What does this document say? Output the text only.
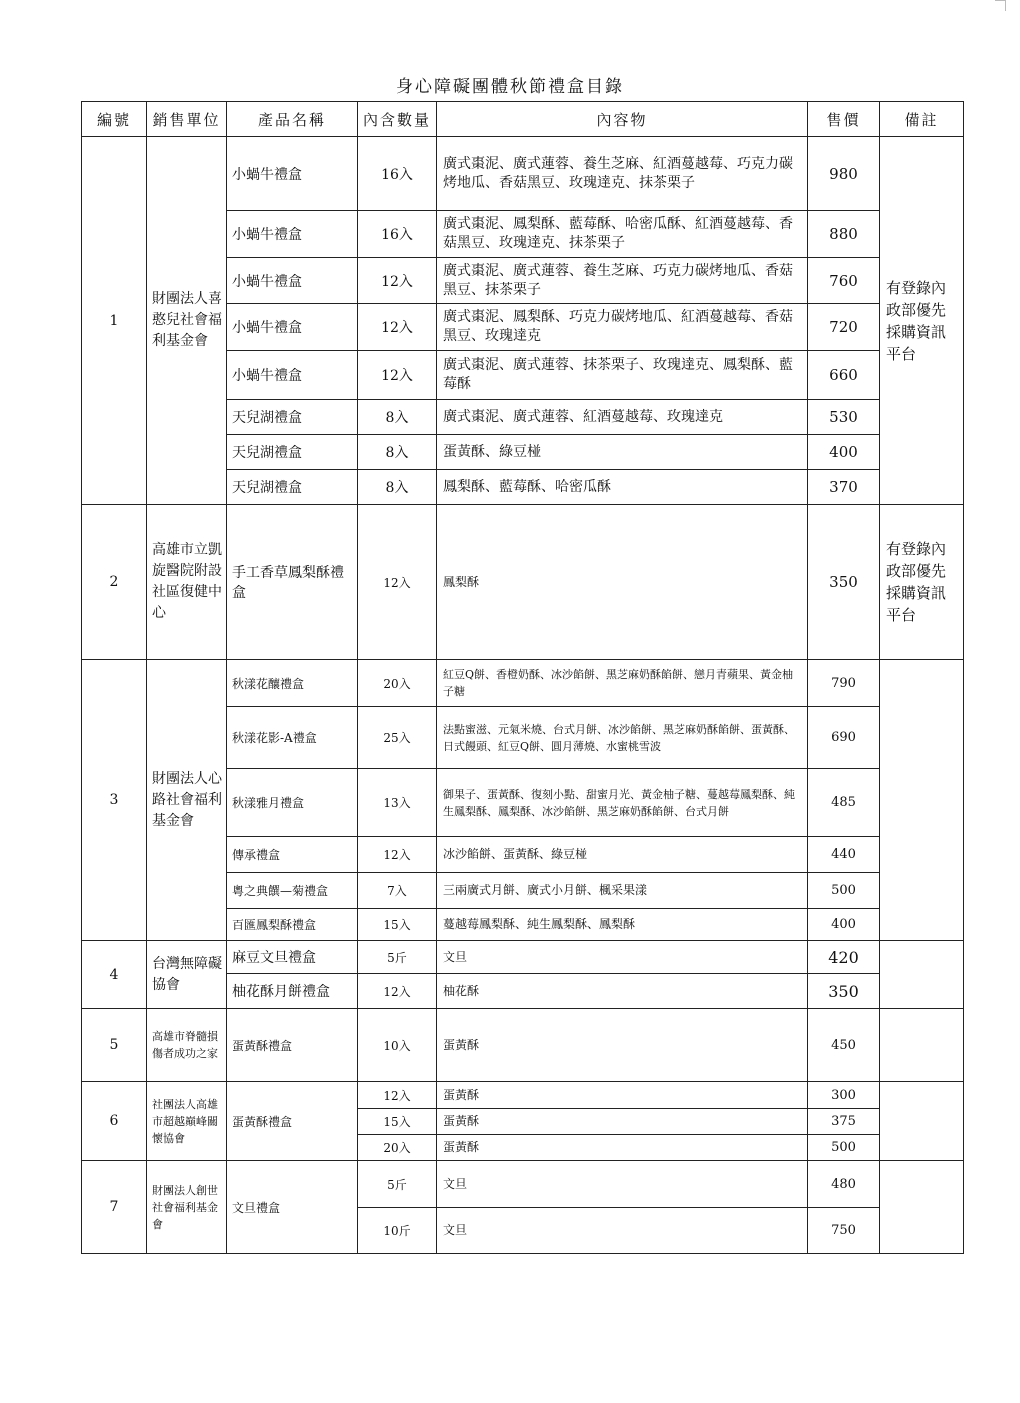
身心障礙團體秋節禮盒目錄
編號	銷售單位	產品名稱	內含數量	內容物	售價	備註
1	財團法人喜憨兒社會福利基金會	小蝸牛禮盒	16入	廣式棗泥、廣式蓮蓉、養生芝麻、紅酒蔓越莓、巧克力碳烤地瓜、香菇黑豆、玫瑰達克、抹茶栗子	980	有登錄內政部優先採購資訊平台
		小蝸牛禮盒	16入	廣式棗泥、鳳梨酥、藍莓酥、哈密瓜酥、紅酒蔓越莓、香菇黑豆、玫瑰達克、抹茶栗子	880	
		小蝸牛禮盒	12入	廣式棗泥、廣式蓮蓉、養生芝麻、巧克力碳烤地瓜、香菇黑豆、抹茶栗子	760	
		小蝸牛禮盒	12入	廣式棗泥、鳳梨酥、巧克力碳烤地瓜、紅酒蔓越莓、香菇黑豆、玫瑰達克	720	
		小蝸牛禮盒	12入	廣式棗泥、廣式蓮蓉、抹茶栗子、玫瑰達克、鳳梨酥、藍莓酥	660	
		天兒湖禮盒	8入	廣式棗泥、廣式蓮蓉、紅酒蔓越莓、玫瑰達克	530	
		天兒湖禮盒	8入	蛋黃酥、綠豆椪	400	
		天兒湖禮盒	8入	鳳梨酥、藍莓酥、哈密瓜酥	370	
2	高雄市立凱旋醫院附設社區復健中心	手工香草鳳梨酥禮盒	12入	鳳梨酥	350	有登錄內政部優先採購資訊平台
3	財團法人心路社會福利基金會	秋漾花釀禮盒	20入	紅豆Q餅、香橙奶酥、冰沙餡餅、黑芝麻奶酥餡餅、戀月青蘋果、黃金柚子糖	790	
		秋漾花影-A禮盒	25入	法點蜜滋、元氣米燒、台式月餅、冰沙餡餅、黑芝麻奶酥餡餅、蛋黃酥、日式饅頭、紅豆Q餅、圓月薄燒、水蜜桃雪波	690	
		秋漾雅月禮盒	13入	御果子、蛋黃酥、復刻小點、甜蜜月光、黃金柚子糖、蔓越莓鳳梨酥、純生鳳梨酥、鳳梨酥、冰沙餡餅、黑芝麻奶酥餡餅、台式月餅	485	
		傳承禮盒	12入	冰沙餡餅、蛋黃酥、綠豆椪	440	
		粵之典饌—菊禮盒	7入	三兩廣式月餅、廣式小月餅、楓采果漾	500	
		百匯鳳梨酥禮盒	15入	蔓越莓鳳梨酥、純生鳳梨酥、鳳梨酥	400	
4	台灣無障礙協會	麻豆文旦禮盒	5斤	文旦	420	
		柚花酥月餅禮盒	12入	柚花酥	350	
5	高雄市脊髓損傷者成功之家	蛋黃酥禮盒	10入	蛋黃酥	450	
6	社團法人高雄市超越巔峰關懷協會	蛋黃酥禮盒	12入	蛋黃酥	300	
			15入	蛋黃酥	375	
			20入	蛋黃酥	500	
7	財團法人創世社會福利基金會	文旦禮盒	5斤	文旦	480	
			10斤	文旦	750	
